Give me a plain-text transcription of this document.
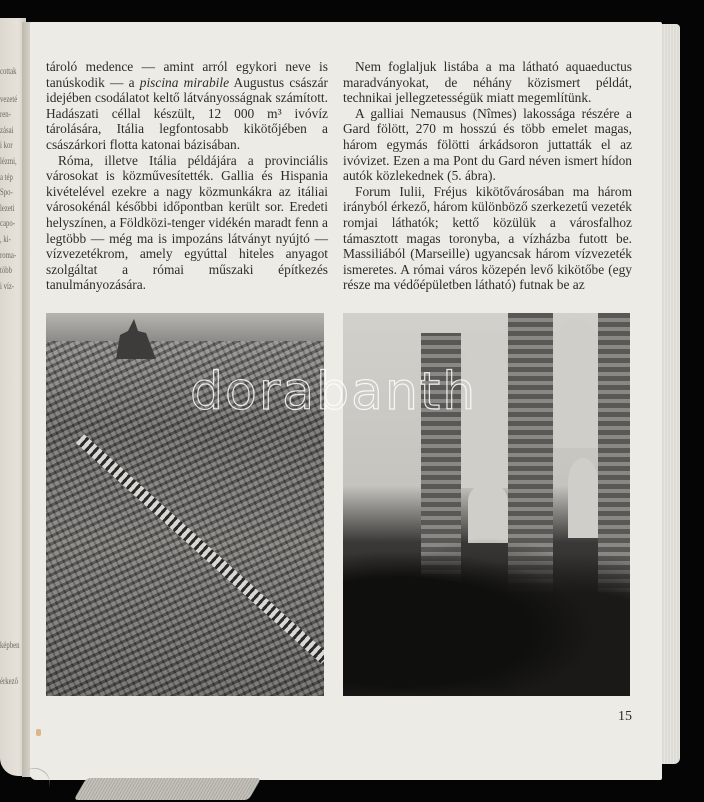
cottak
vezeté
ren-
zásai
i kor
lézmi,
a tép
Spo-
lezeti
capo-
, ki-
roma-
több
i víz-
képben
érkező

tároló medence — amint arról egykori neve is tanúskodik — a piscina mirabile Augustus császár idejében csodálatot keltő látványosságnak számított. Hadászati céllal készült, 12 000 m³ ivóvíz tárolására, Itália legfontosabb kikötőjében a császárkori flotta katonai bázisában.

Róma, illetve Itália példájára a provinciális városokat is közművesítették. Gallia és Hispania kivételével ezekre a nagy közmunkákra az itáliai városokénál későbbi időpontban került sor. Eredeti helyszínen, a Földközi-tenger vidékén maradt fenn a legtöbb — még ma is impozáns látványt nyújtó — vízvezetékrom, amely egyúttal hiteles anyagot szolgáltat a római műszaki építkezés tanulmányozására.

Nem foglaljuk listába a ma látható aquaeductus maradványokat, de néhány közismert példát, technikai jellegzetességük miatt megemlítünk.

A galliai Nemausus (Nîmes) lakossága részére a Gard fölött, 270 m hosszú és több emelet magas, három egymás fölötti árkádsoron juttatták el az ivóvizet. Ezen a ma Pont du Gard néven ismert hídon autók közlekednek (5. ábra).

Forum Iulii, Fréjus kikötővárosában ma három irányból érkező, három különböző szerkezetű vezeték romjai láthatók; kettő közülük a városfalhoz támasztott magas toronyba, a vízházba futott be. Massiliából (Marseille) ugyancsak három vízvezeték ismeretes. A római város közepén levő kikötőbe (egy része ma védőépületben látható) futnak be az

15
